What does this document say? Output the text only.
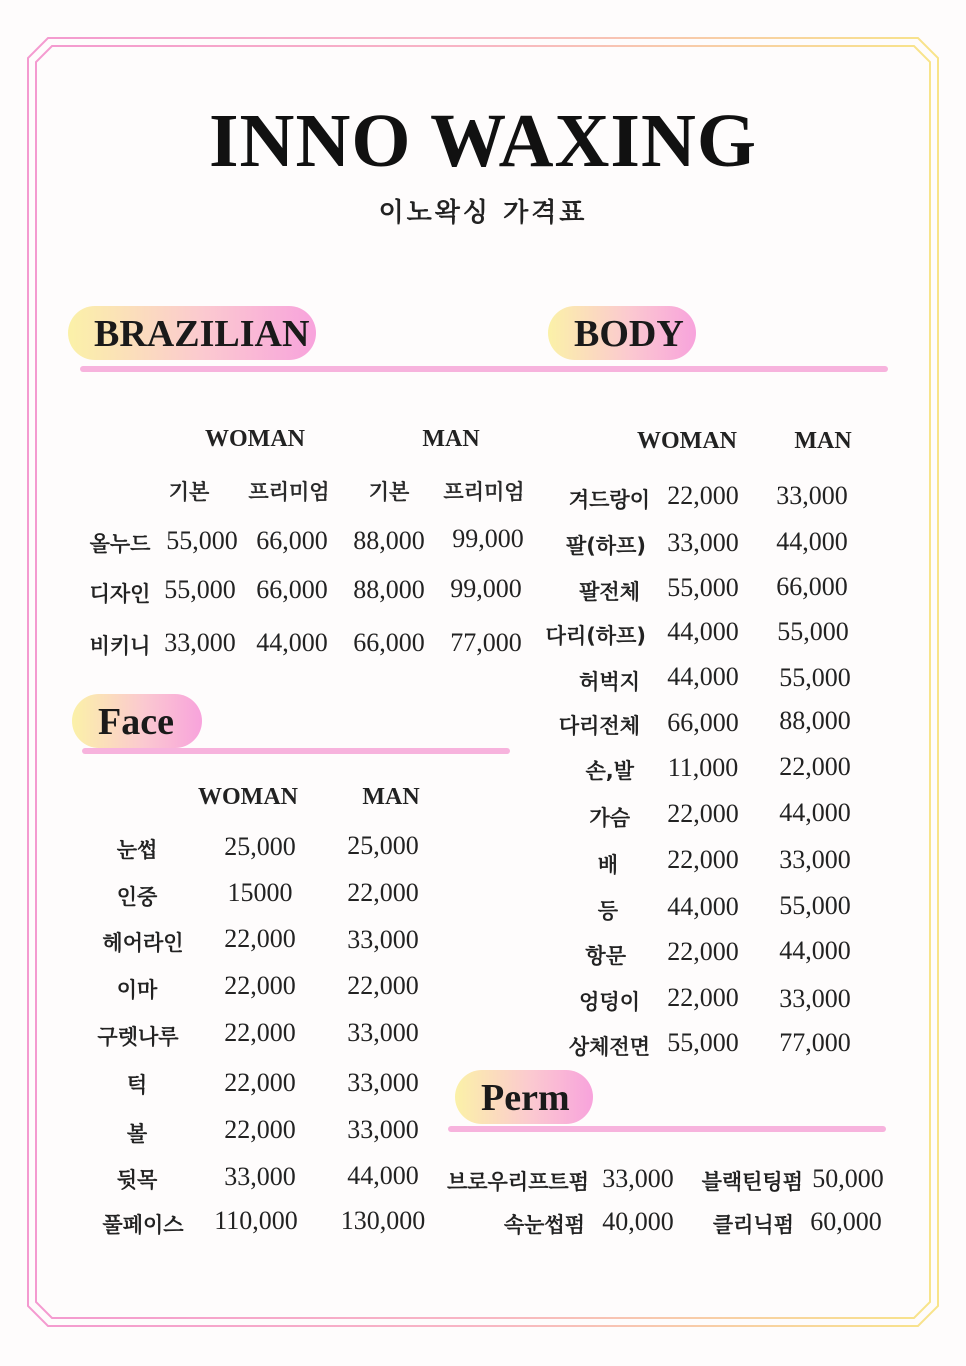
INNO WAXING
이노왁싱 가격표
BRAZILIAN
WOMAN	MAN
기본 프리미엄 기본 프리미엄
올누드 55,000 66,000 88,000 99,000
디자인 55,000 66,000 88,000 99,000
비키니 33,000 44,000 66,000 77,000
Face
WOMAN	MAN
눈썹	25,000 25,000
인중	15000 22,000
헤어라인 22,000 33,000
이마	22,000 22,000
구렛나루 22,000 33,000
턱	22,000 33,000
볼	22,000 33,000
뒷목	33,000 44,000
풀페이스 110,000 130,000
BODY
WOMAN MAN
겨드랑이 22,000 33,000
팔(하프) 33,000 44,000
팔전체 55,000 66,000
다리(하프) 44,000 55,000
허벅지 44,000 55,000
다리전체 66,000 88,000
손,발 11,000 22,000
가슴 22,000 44,000
배 22,000 33,000
등 44,000 55,000
항문 22,000 44,000
엉덩이 22,000 33,000
상체전면 55,000 77,000
Perm
브로우리프트펌 33,000 블랙틴팅펌 50,000
속눈썹펌 40,000 클리닉펌 60,000
